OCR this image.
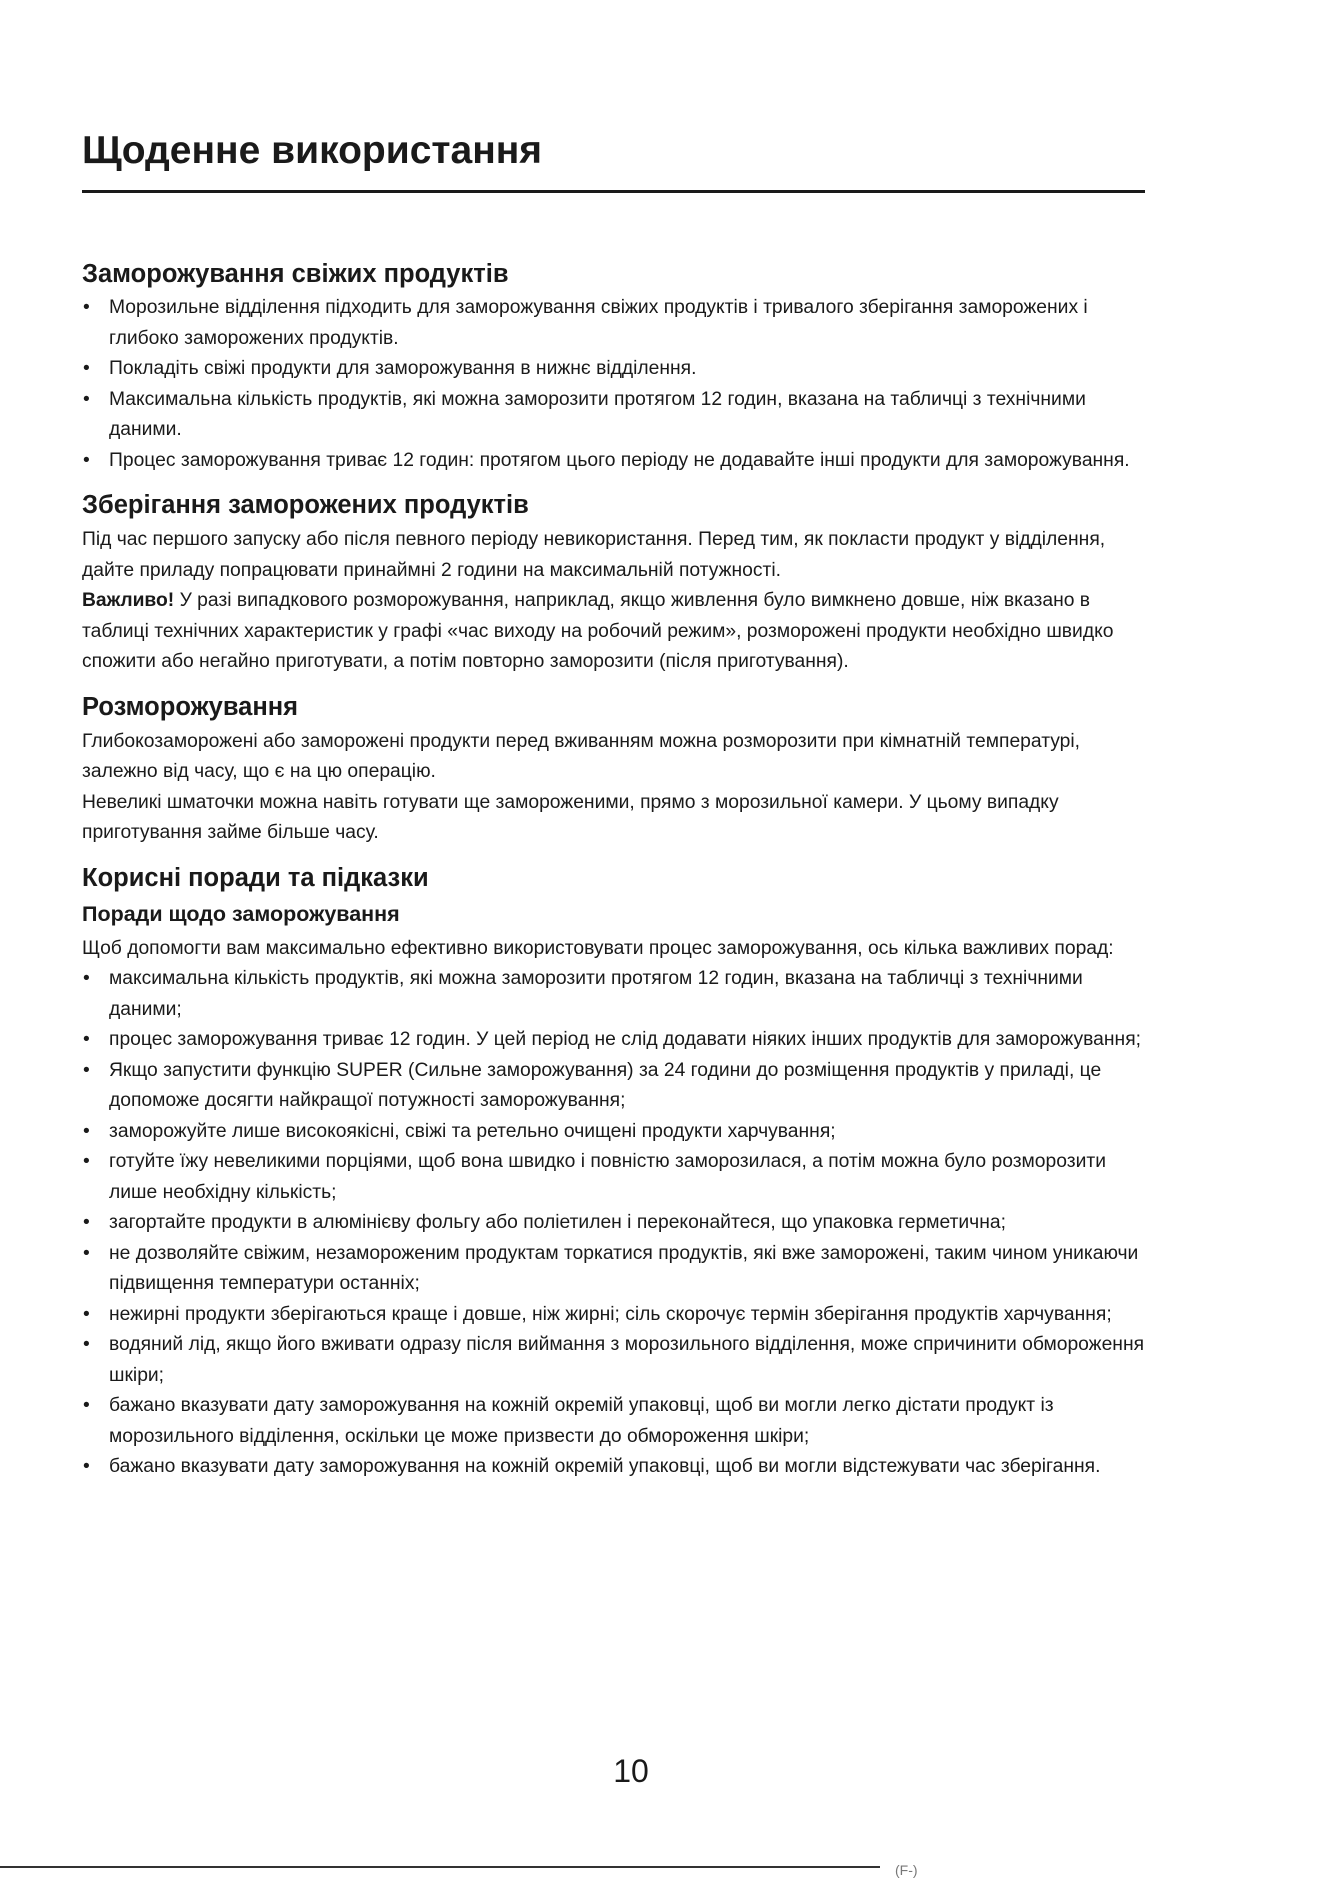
Щоденне використання
Заморожування свіжих продуктів
• Морозильне відділення підходить для заморожування свіжих продуктів і тривалого зберігання заморожених і глибоко заморожених продуктів.
• Покладіть свіжі продукти для заморожування в нижнє відділення.
• Максимальна кількість продуктів, які можна заморозити протягом 12 годин, вказана на табличці з технічними даними.
• Процес заморожування триває 12 годин: протягом цього періоду не додавайте інші продукти для заморожування.
Зберігання заморожених продуктів

Під час першого запуску або після певного періоду невикористання. Перед тим, як покласти продукт у відділення, дайте приладу попрацювати принаймні 2 години на максимальній потужності.

Важливо! У разі випадкового розморожування, наприклад, якщо живлення було вимкнено довше, ніж вказано в таблиці технічних характеристик у графі «час виходу на робочий режим», розморожені продукти необхідно швидко спожити або негайно приготувати, а потім повторно заморозити (після приготування).

Розморожування

Глибокозаморожені або заморожені продукти перед вживанням можна розморозити при кімнатній температурі, залежно від часу, що є на цю операцію.

Невеликі шматочки можна навіть готувати ще замороженими, прямо з морозильної камери. У цьому випадку приготування займе більше часу.

Корисні поради та підказки
Поради щодо заморожування

Щоб допомогти вам максимально ефективно використовувати процес заморожування, ось кілька важливих порад:

• максимальна кількість продуктів, які можна заморозити протягом 12 годин, вказана на табличці з технічними даними;
• процес заморожування триває 12 годин. У цей період не слід додавати ніяких інших продуктів для заморожування;
• Якщо запустити функцію SUPER (Сильне заморожування) за 24 години до розміщення продуктів у приладі, це допоможе досягти найкращої потужності заморожування;
• заморожуйте лише високоякісні, свіжі та ретельно очищені продукти харчування;
• готуйте їжу невеликими порціями, щоб вона швидко і повністю заморозилася, а потім можна було розморозити лише необхідну кількість;
• загортайте продукти в алюмінієву фольгу або поліетилен і переконайтеся, що упаковка герметична;
• не дозволяйте свіжим, незамороженим продуктам торкатися продуктів, які вже заморожені, таким чином уникаючи підвищення температури останніх;
• нежирні продукти зберігаються краще і довше, ніж жирні; сіль скорочує термін зберігання продуктів харчування;
• водяний лід, якщо його вживати одразу після виймання з морозильного відділення, може спричинити обмороження шкіри;
• бажано вказувати дату заморожування на кожній окремій упаковці, щоб ви могли легко дістати продукт із морозильного відділення, оскільки це може призвести до обмороження шкіри;
• бажано вказувати дату заморожування на кожній окремій упаковці, щоб ви могли відстежувати час зберігання.
10
(F-)
